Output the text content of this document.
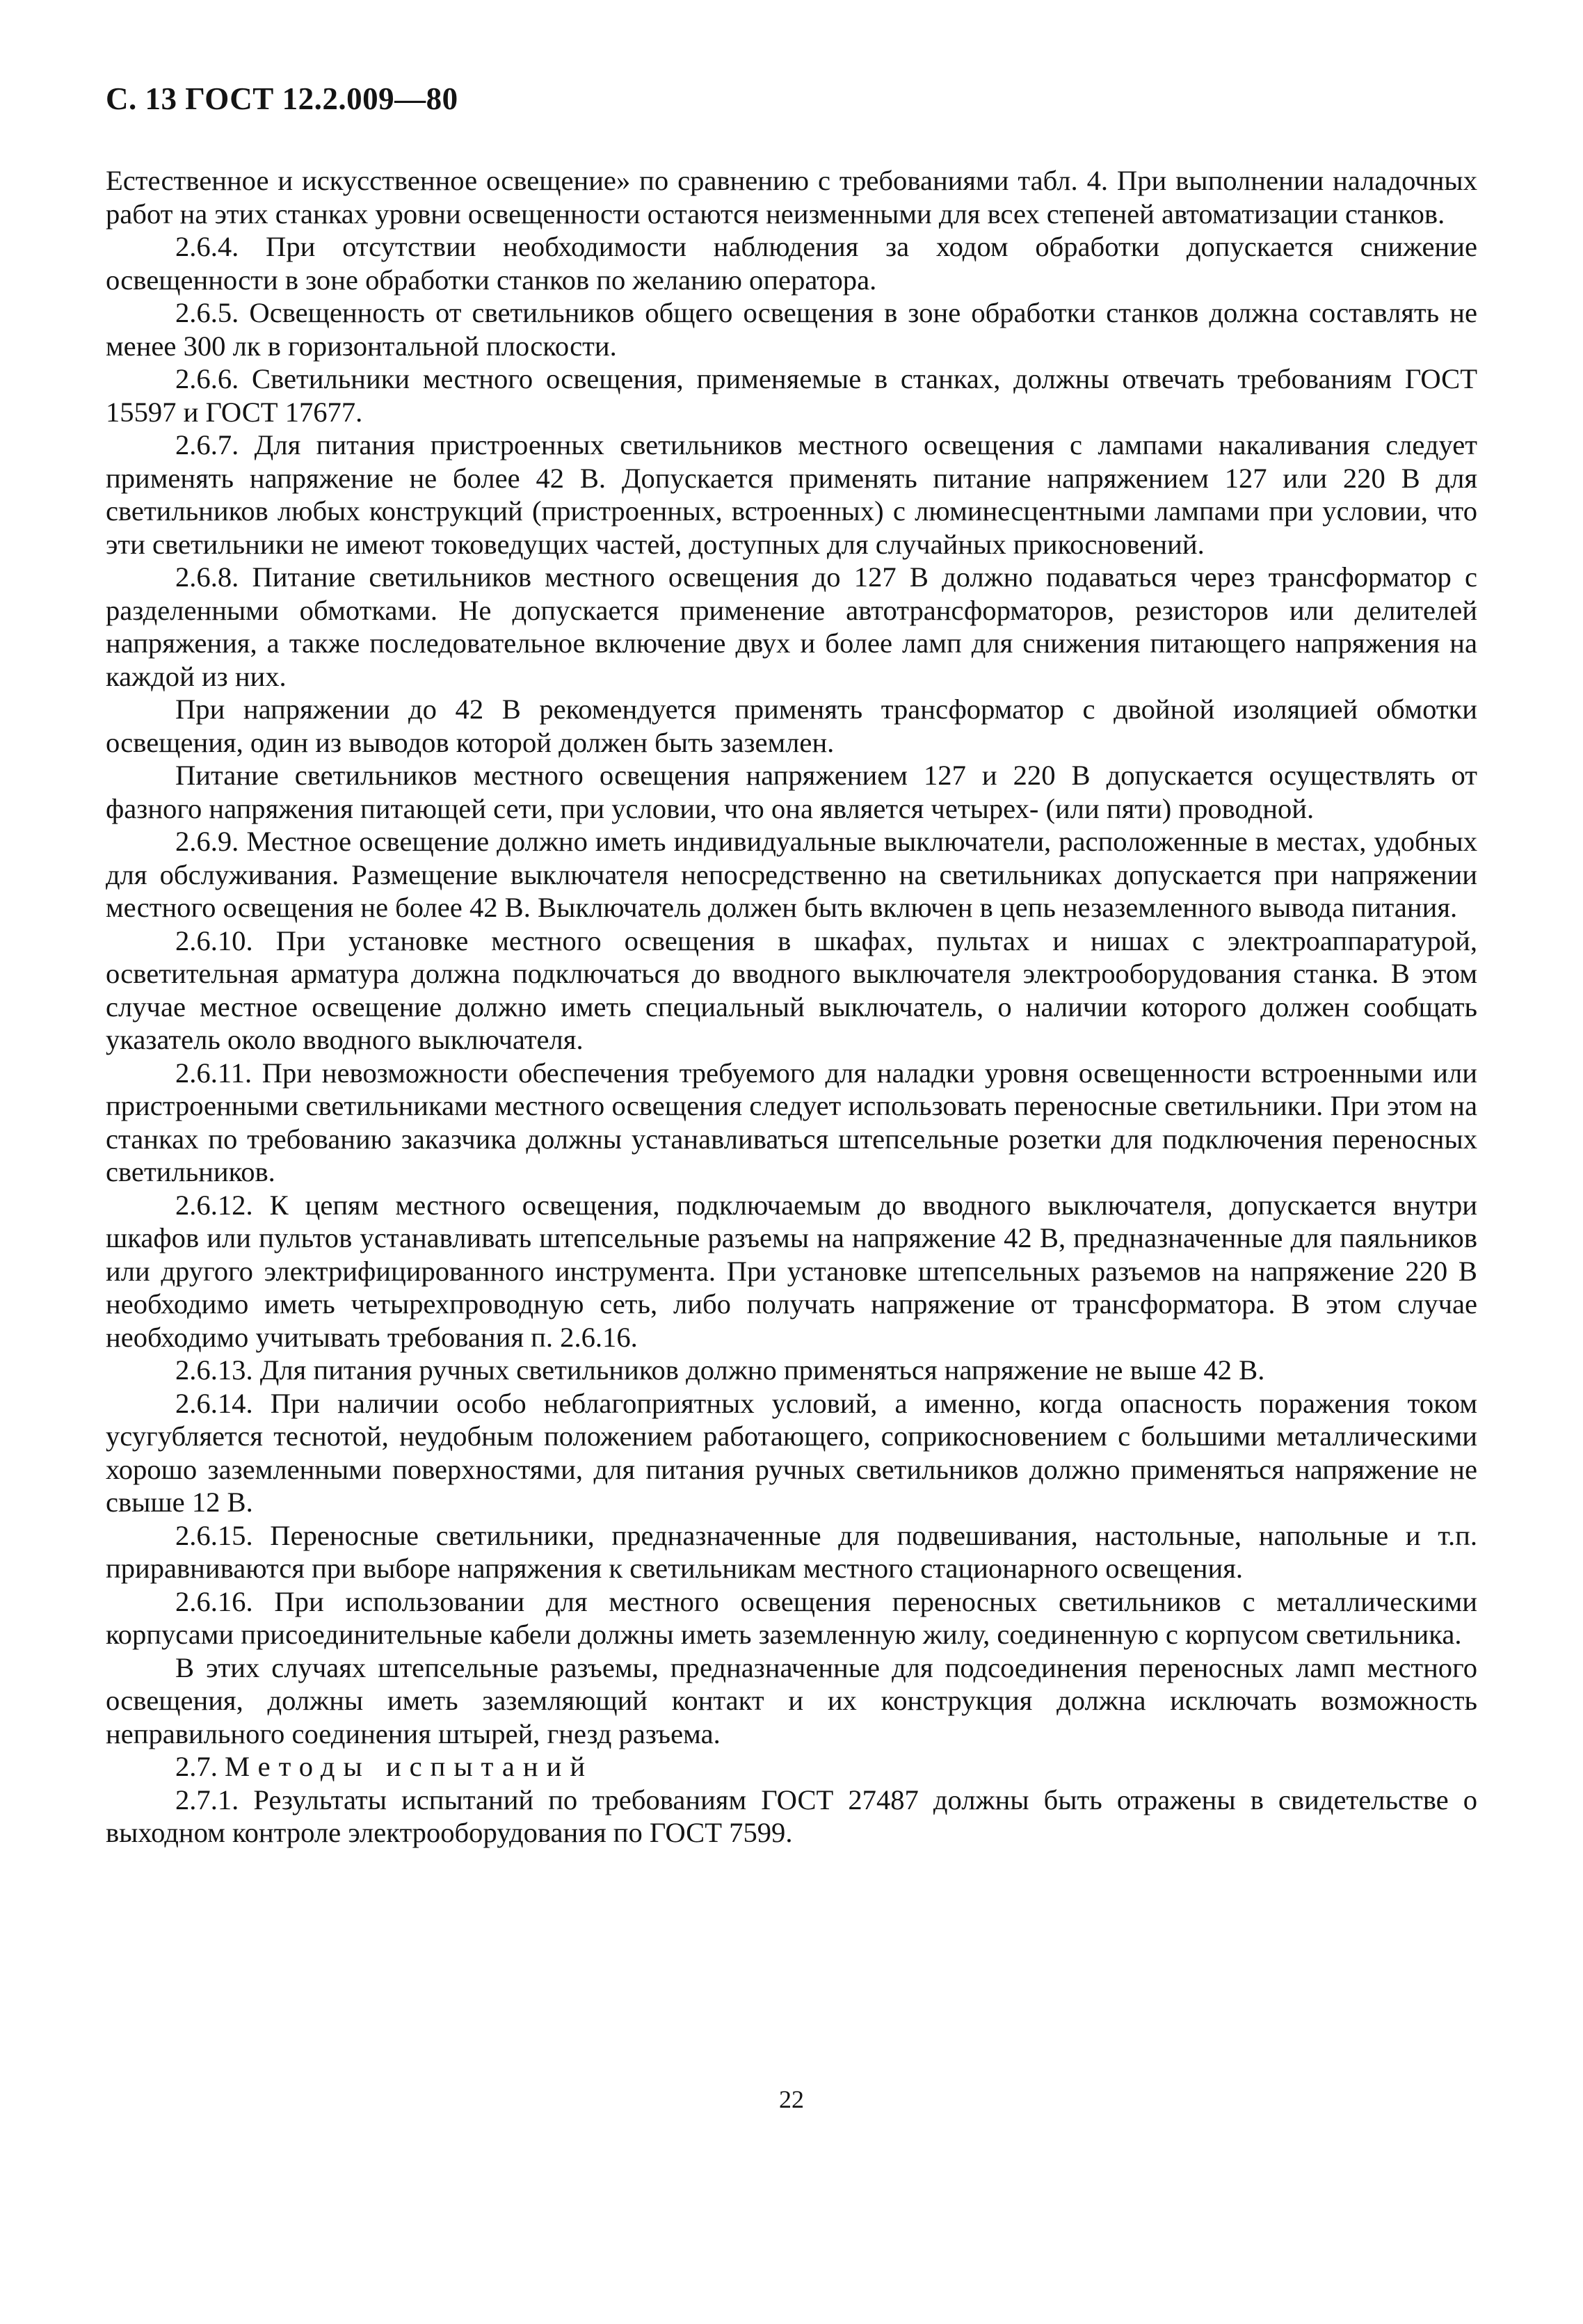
С. 13 ГОСТ 12.2.009—80

Естественное и искусственное освещение» по сравнению с требованиями табл. 4. При выполнении наладочных работ на этих станках уровни освещенности остаются неизменными для всех степеней автоматизации станков.

2.6.4. При отсутствии необходимости наблюдения за ходом обработки допускается снижение освещенности в зоне обработки станков по желанию оператора.

2.6.5. Освещенность от светильников общего освещения в зоне обработки станков должна составлять не менее 300 лк в горизонтальной плоскости.

2.6.6. Светильники местного освещения, применяемые в станках, должны отвечать требованиям ГОСТ 15597 и ГОСТ 17677.

2.6.7. Для питания пристроенных светильников местного освещения с лампами накаливания следует применять напряжение не более 42 В. Допускается применять питание напряжением 127 или 220 В для светильников любых конструкций (пристроенных, встроенных) с люминесцентными лампами при условии, что эти светильники не имеют токоведущих частей, доступных для случайных прикосновений.

2.6.8. Питание светильников местного освещения до 127 В должно подаваться через трансформатор с разделенными обмотками. Не допускается применение автотрансформаторов, резисторов или делителей напряжения, а также последовательное включение двух и более ламп для снижения питающего напряжения на каждой из них.

При напряжении до 42 В рекомендуется применять трансформатор с двойной изоляцией обмотки освещения, один из выводов которой должен быть заземлен.

Питание светильников местного освещения напряжением 127 и 220 В допускается осуществлять от фазного напряжения питающей сети, при условии, что она является четырех- (или пяти) проводной.

2.6.9. Местное освещение должно иметь индивидуальные выключатели, расположенные в местах, удобных для обслуживания. Размещение выключателя непосредственно на светильниках допускается при напряжении местного освещения не более 42 В. Выключатель должен быть включен в цепь незаземленного вывода питания.

2.6.10. При установке местного освещения в шкафах, пультах и нишах с электроаппаратурой, осветительная арматура должна подключаться до вводного выключателя электрооборудования станка. В этом случае местное освещение должно иметь специальный выключатель, о наличии которого должен сообщать указатель около вводного выключателя.

2.6.11. При невозможности обеспечения требуемого для наладки уровня освещенности встроенными или пристроенными светильниками местного освещения следует использовать переносные светильники. При этом на станках по требованию заказчика должны устанавливаться штепсельные розетки для подключения переносных светильников.

2.6.12. К цепям местного освещения, подключаемым до вводного выключателя, допускается внутри шкафов или пультов устанавливать штепсельные разъемы на напряжение 42 В, предназначенные для паяльников или другого электрифицированного инструмента. При установке штепсельных разъемов на напряжение 220 В необходимо иметь четырехпроводную сеть, либо получать напряжение от трансформатора. В этом случае необходимо учитывать требования п. 2.6.16.

2.6.13. Для питания ручных светильников должно применяться напряжение не выше 42 В.

2.6.14. При наличии особо неблагоприятных условий, а именно, когда опасность поражения током усугубляется теснотой, неудобным положением работающего, соприкосновением с большими металлическими хорошо заземленными поверхностями, для питания ручных светильников должно применяться напряжение не свыше 12 В.

2.6.15. Переносные светильники, предназначенные для подвешивания, настольные, напольные и т.п. приравниваются при выборе напряжения к светильникам местного стационарного освещения.

2.6.16. При использовании для местного освещения переносных светильников с металлическими корпусами присоединительные кабели должны иметь заземленную жилу, соединенную с корпусом светильника.

В этих случаях штепсельные разъемы, предназначенные для подсоединения переносных ламп местного освещения, должны иметь заземляющий контакт и их конструкция должна исключать возможность неправильного соединения штырей, гнезд разъема.

2.7. Методы испытаний

2.7.1. Результаты испытаний по требованиям ГОСТ 27487 должны быть отражены в свидетельстве о выходном контроле электрооборудования по ГОСТ 7599.

22
